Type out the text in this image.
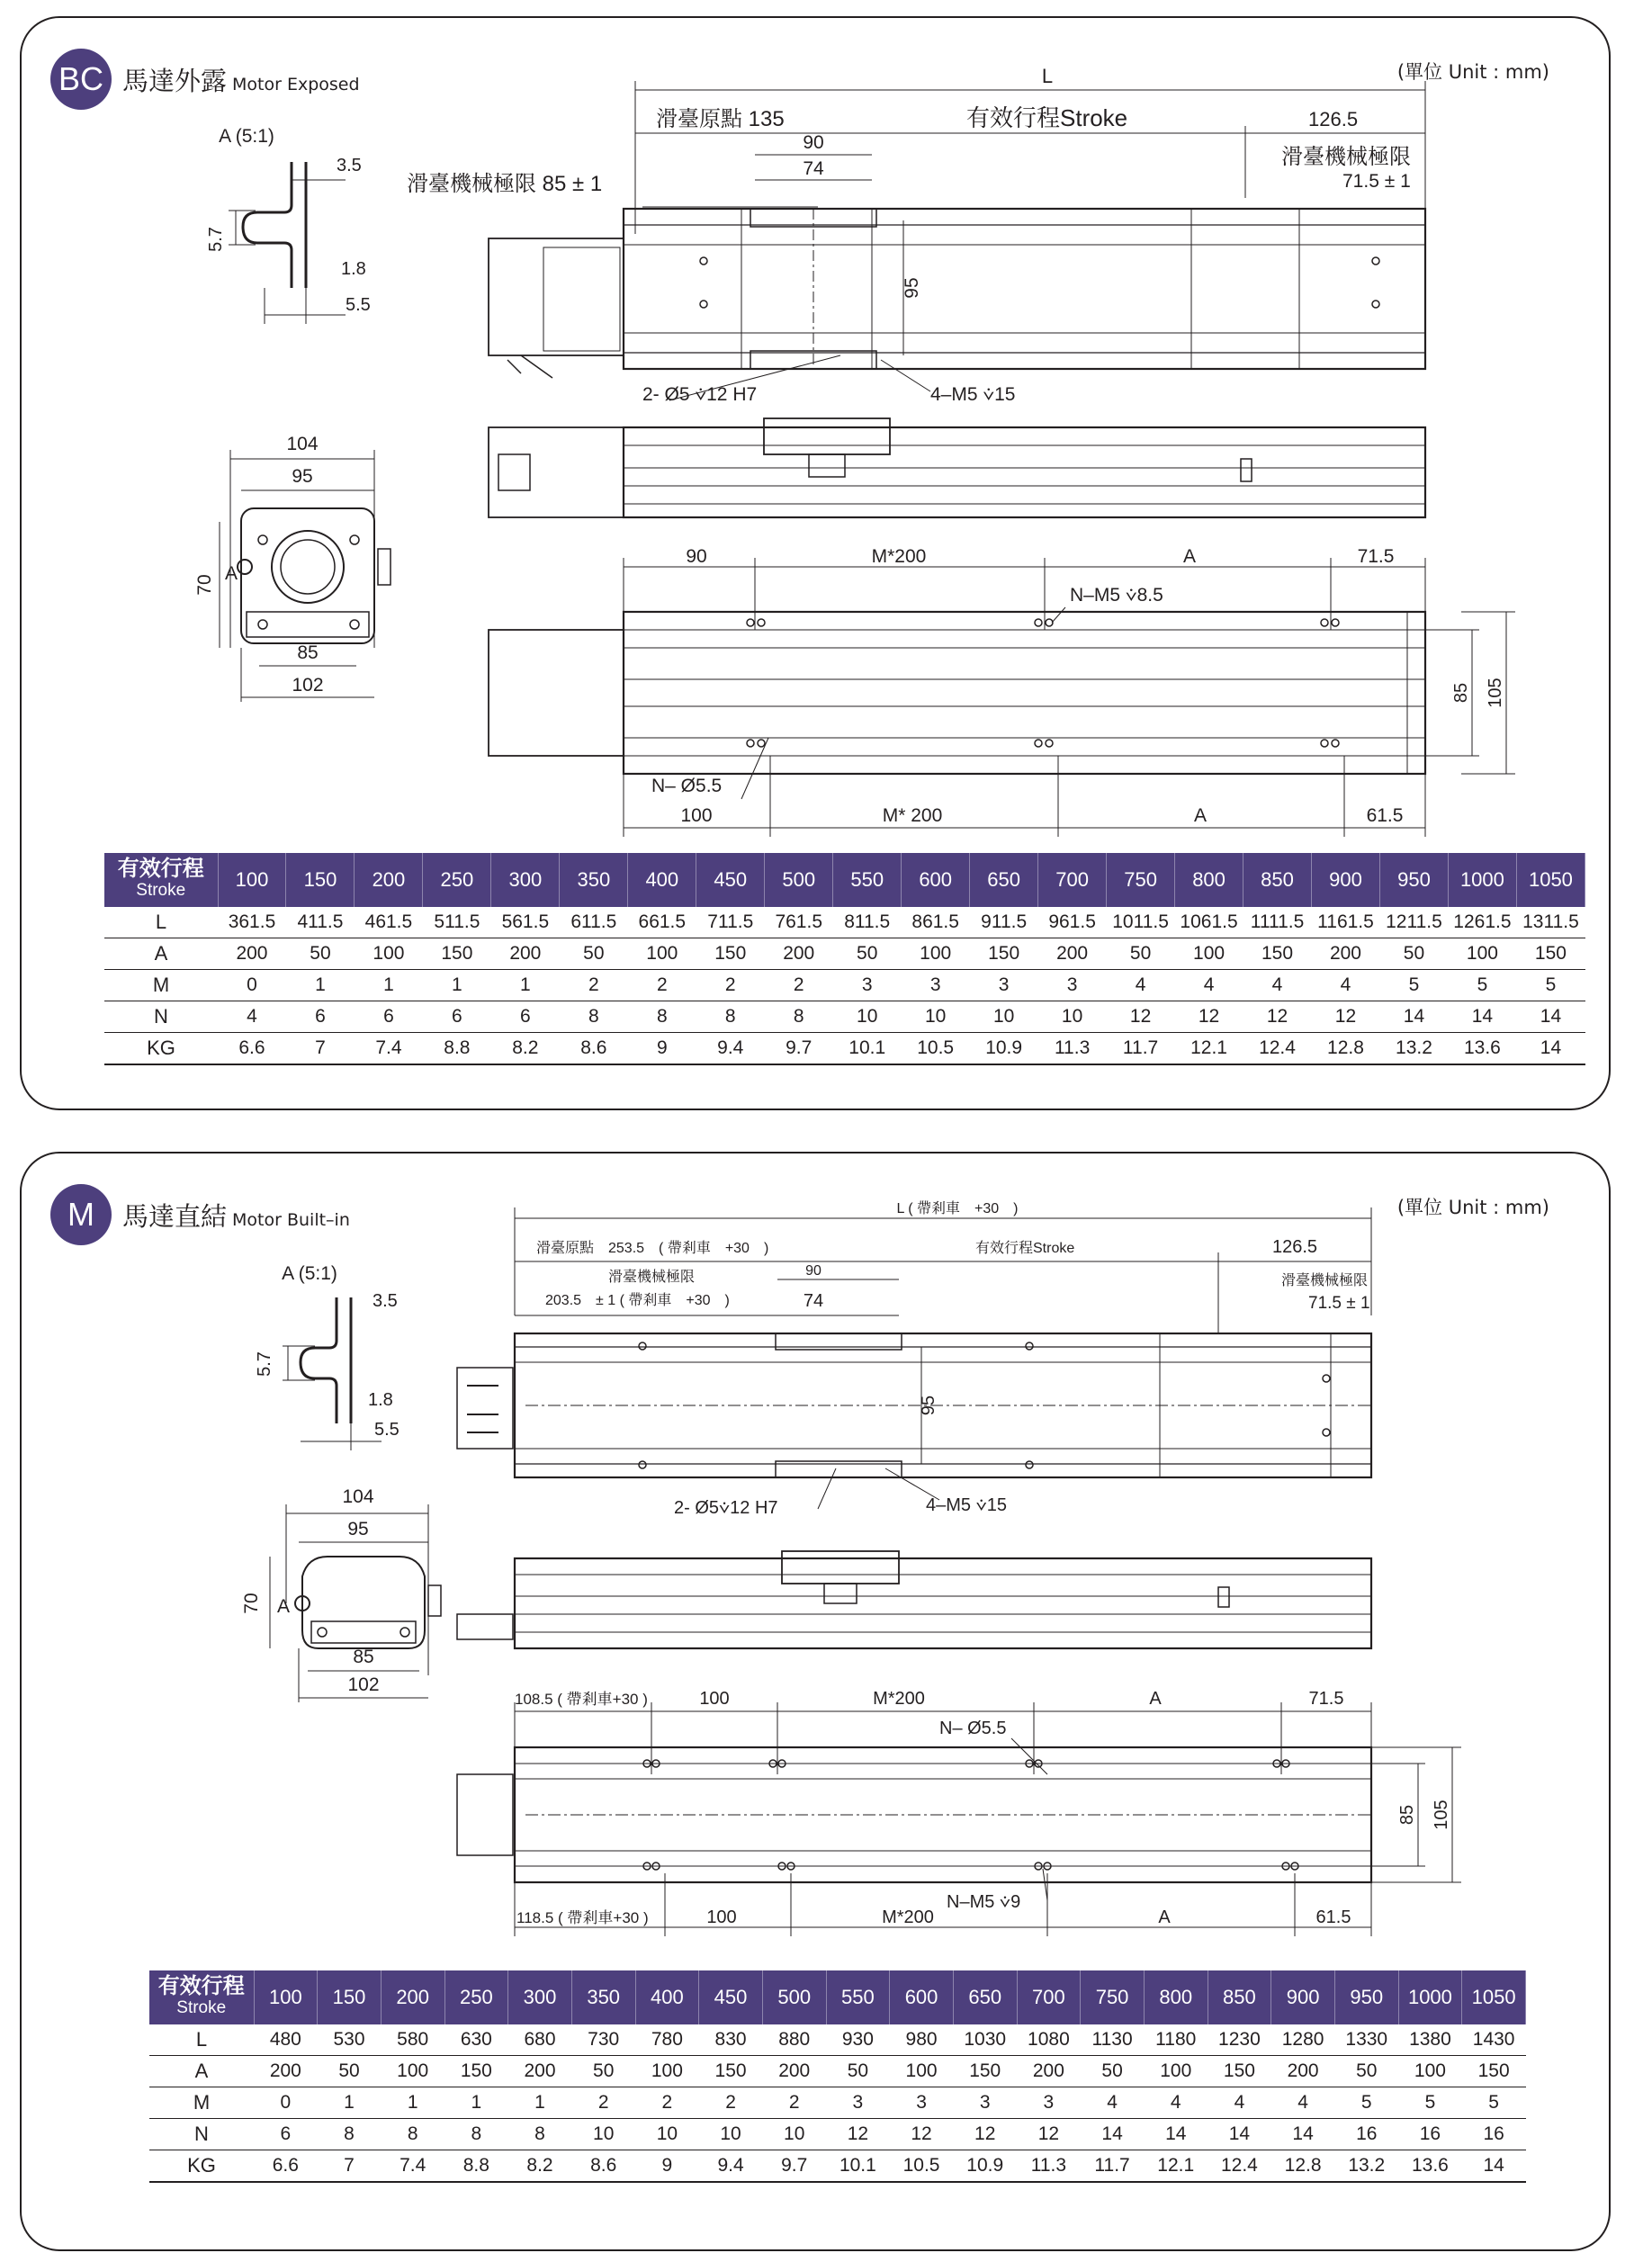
BC 馬達外露 Motor Exposed
(單位 Unit : mm)
A (5:1)
3.5
5.7
1.8
5.5
104
95
70
A
85
102
L
滑臺原點 135	有效行程Stroke	126.5
滑臺機械極限
71.5 ± 1
滑臺機械極限 85 ± 1
90
74
95
2- Ø5 ⩒12 H7	4–M5 ⩒15
90	M*200	A	71.5
N–M5 ⩒8.5
N– Ø5.5
100	M* 200	A	61.5
85 105
有效行程
Stroke	100	150	200	250	300	350	400	450	500	550	600	650	700	750	800	850	900	950	1000	1050
L	361.5	411.5	461.5	511.5	561.5	611.5	661.5	711.5	761.5	811.5	861.5	911.5	961.5	1011.5	1061.5	1111.5	1161.5	1211.5	1261.5	1311.5
A	200	50	100	150	200	50	100	150	200	50	100	150	200	50	100	150	200	50	100	150
M	0	1	1	1	1	2	2	2	2	3	3	3	3	4	4	4	4	5	5	5
N	4	6	6	6	6	8	8	8	8	10	10	10	10	12	12	12	12	14	14	14
KG	6.6	7	7.4	8.8	8.2	8.6	9	9.4	9.7	10.1	10.5	10.9	11.3	11.7	12.1	12.4	12.8	13.2	13.6	14
M	馬達直結 Motor Built–in
(單位 Unit : mm)
A (5:1)
3.5
5.7
1.8
5.5
104
95
70 A
85
102
L ( 帶剎車　+30　)
滑臺原點　253.5　( 帶剎車　+30　)	有效行程Stroke	126.5
滑臺機械極限
71.5 ± 1
滑臺機械極限
203.5　± 1 ( 帶剎車　+30　)
90
74
95
2- Ø5⩒12 H7	4–M5 ⩒15
108.5 ( 帶剎車+30 )	100	M*200	A	71.5
N– Ø5.5
N–M5 ⩒9
118.5 ( 帶剎車+30 )	100	M*200	A	61.5
85 105
有效行程
Stroke	100	150	200	250	300	350	400	450	500	550	600	650	700	750	800	850	900	950	1000	1050
L	480	530	580	630	680	730	780	830	880	930	980	1030	1080	1130	1180	1230	1280	1330	1380	1430
A	200	50	100	150	200	50	100	150	200	50	100	150	200	50	100	150	200	50	100	150
M	0	1	1	1	1	2	2	2	2	3	3	3	3	4	4	4	4	5	5	5
N	6	8	8	8	8	10	10	10	10	12	12	12	12	14	14	14	14	16	16	16
KG	6.6	7	7.4	8.8	8.2	8.6	9	9.4	9.7	10.1	10.5	10.9	11.3	11.7	12.1	12.4	12.8	13.2	13.6	14
